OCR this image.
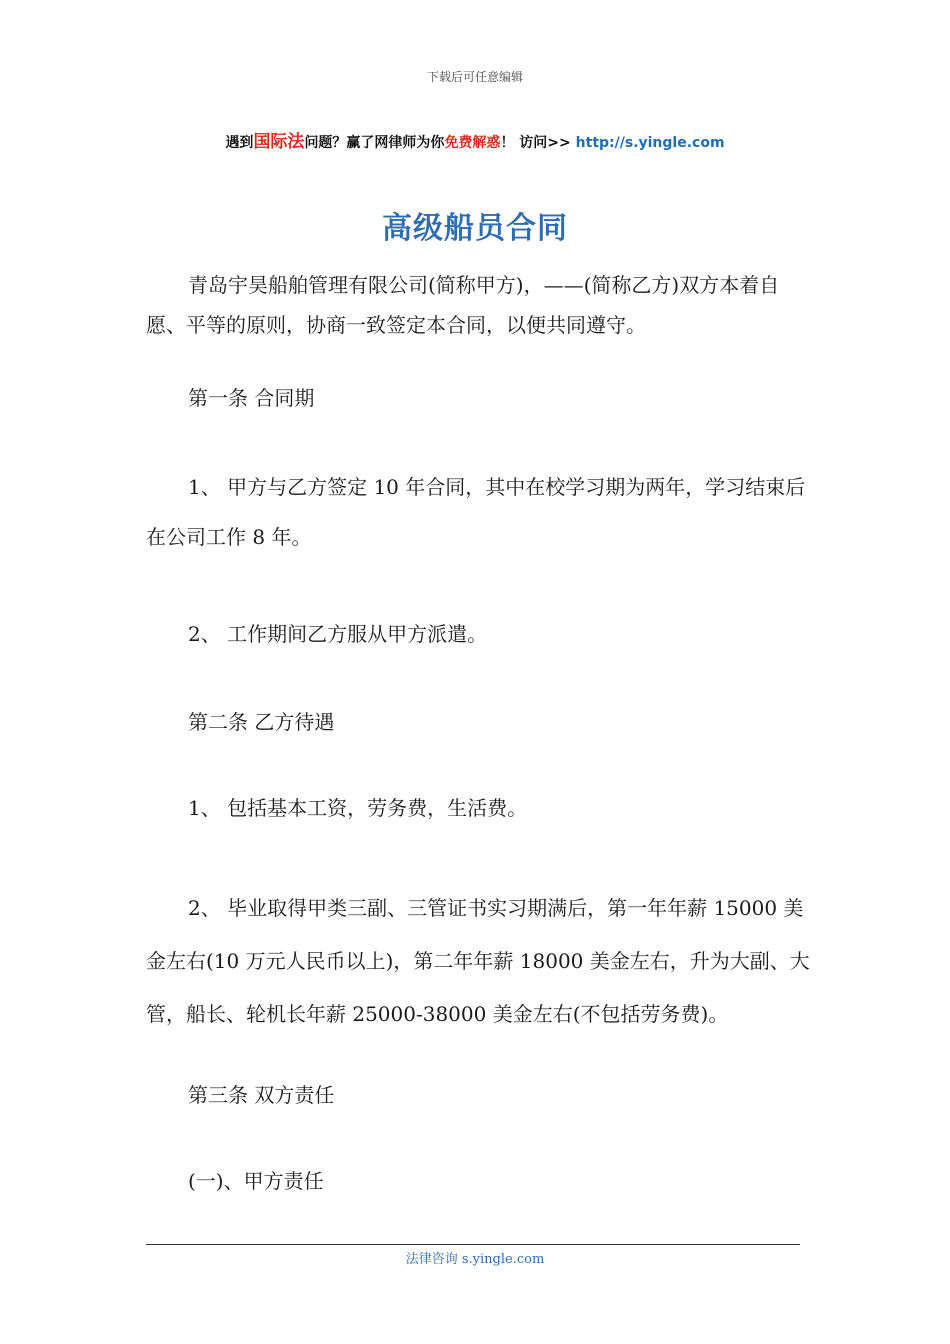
下载后可任意编辑
遇到国际法问题？赢了网律师为你免费解惑！ 访问>> http://s.yingle.com
高级船员合同
青岛宇昊船舶管理有限公司(简称甲方)，——(简称乙方)双方本着自愿、平等的原则，协商一致签定本合同，以便共同遵守。
第一条 合同期
1、 甲方与乙方签定 10 年合同，其中在校学习期为两年，学习结束后在公司工作 8 年。
2、 工作期间乙方服从甲方派遣。
第二条 乙方待遇
1、 包括基本工资，劳务费，生活费。
2、 毕业取得甲类三副、三管证书实习期满后，第一年年薪 15000 美金左右(10 万元人民币以上)，第二年年薪 18000 美金左右，升为大副、大管，船长、轮机长年薪 25000-38000 美金左右(不包括劳务费)。
第三条 双方责任
(一)、甲方责任
法律咨询 s.yingle.com
